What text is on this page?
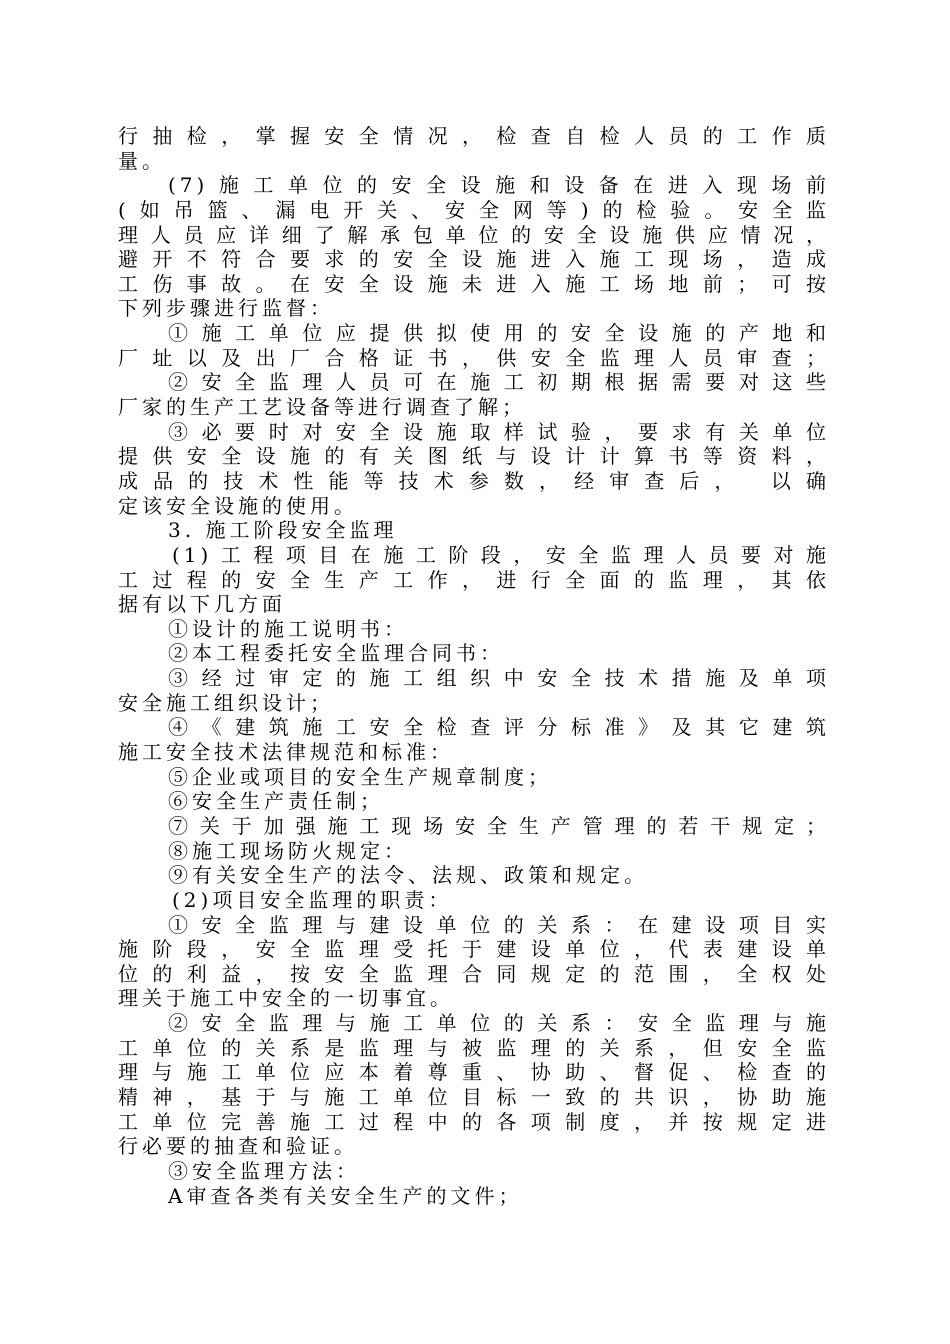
行抽检，掌握安全情况，检查自检人员的工作质
量。
(7)施工单位的安全设施和设备在进入现场前
(如吊篮、漏电开关、安全网等)的检验。安全监
理人员应详细了解承包单位的安全设施供应情况，
避开不符合要求的安全设施进入施工现场，造成
工伤事故。在安全设施未进入施工场地前；可按
下列步骤进行监督：
①施工单位应提供拟使用的安全设施的产地和
厂址以及出厂合格证书，供安全监理人员审查；
②安全监理人员可在施工初期根据需要对这些
厂家的生产工艺设备等进行调查了解；
③必要时对安全设施取样试验，要求有关单位
提供安全设施的有关图纸与设计计算书等资料，
成品的技术性能等技术参数，经审查后， 以确
定该安全设施的使用。
3. 施工阶段安全监理
(1)工程项目在施工阶段，安全监理人员要对施
工过程的安全生产工作，进行全面的监理，其依
据有以下几方面
①设计的施工说明书：
②本工程委托安全监理合同书：
③经过审定的施工组织中安全技术措施及单项
安全施工组织设计；
④《建筑施工安全检查评分标准》及其它建筑
施工安全技术法律规范和标准：
⑤企业或项目的安全生产规章制度；
⑥安全生产责任制；
⑦关于加强施工现场安全生产管理的若干规定；
⑧施工现场防火规定：
⑨有关安全生产的法令、法规、政策和规定。
(2)项目安全监理的职责：
①安全监理与建设单位的关系：在建设项目实
施阶段，安全监理受托于建设单位，代表建设单
位的利益，按安全监理合同规定的范围，全权处
理关于施工中安全的一切事宜。
②安全监理与施工单位的关系：安全监理与施
工单位的关系是监理与被监理的关系，但安全监
理与施工单位应本着尊重、协助、督促、检查的
精神，基于与施工单位目标一致的共识，协助施
工单位完善施工过程中的各项制度，并按规定进
行必要的抽查和验证。
③安全监理方法：
A审查各类有关安全生产的文件；
